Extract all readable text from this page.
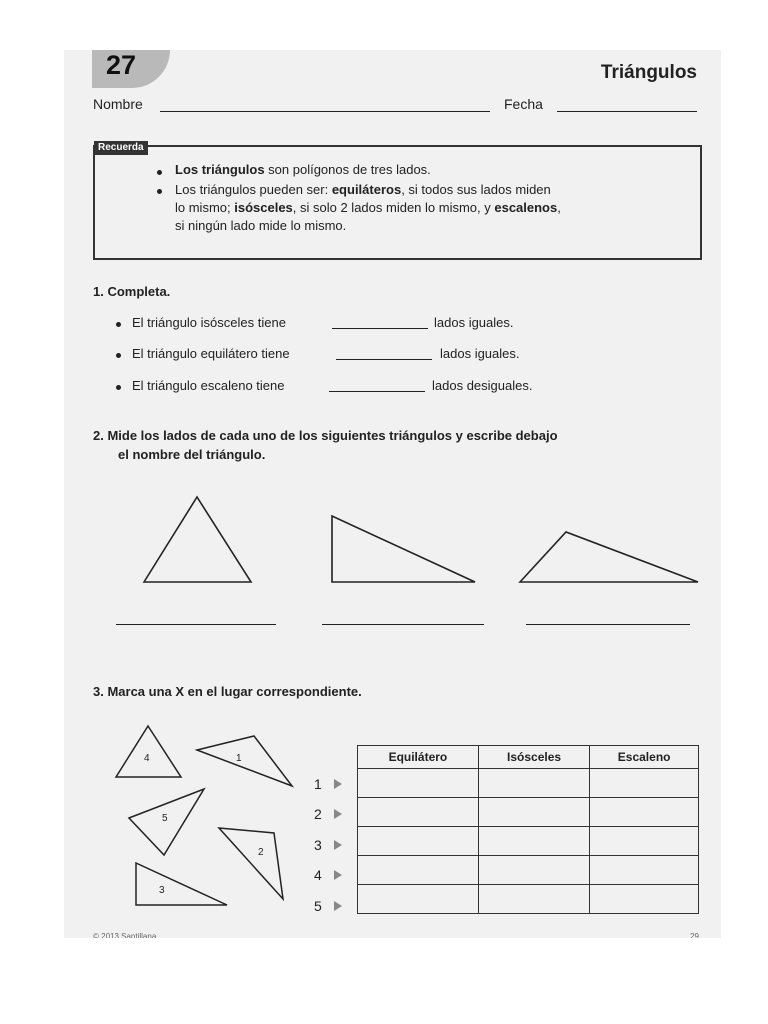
27	Triángulos
Nombre	Fecha
Recuerda
Los triángulos son polígonos de tres lados.
Los triángulos pueden ser: equiláteros, si todos sus lados miden
lo mismo; isósceles, si solo 2 lados miden lo mismo, y escalenos,
si ningún lado mide lo mismo.
1. Completa.
El triángulo isósceles tiene	lados iguales.
El triángulo equilátero tiene	lados iguales.
El triángulo escaleno tiene	lados desiguales.
2. Mide los lados de cada uno de los siguientes triángulos y escribe debajo
el nombre del triángulo.
3. Marca una X en el lugar correspondiente.
4	1
5
2
3
1
2
3
4
5
Equilátero	Isósceles	Escaleno

© 2013 Santillana	29
